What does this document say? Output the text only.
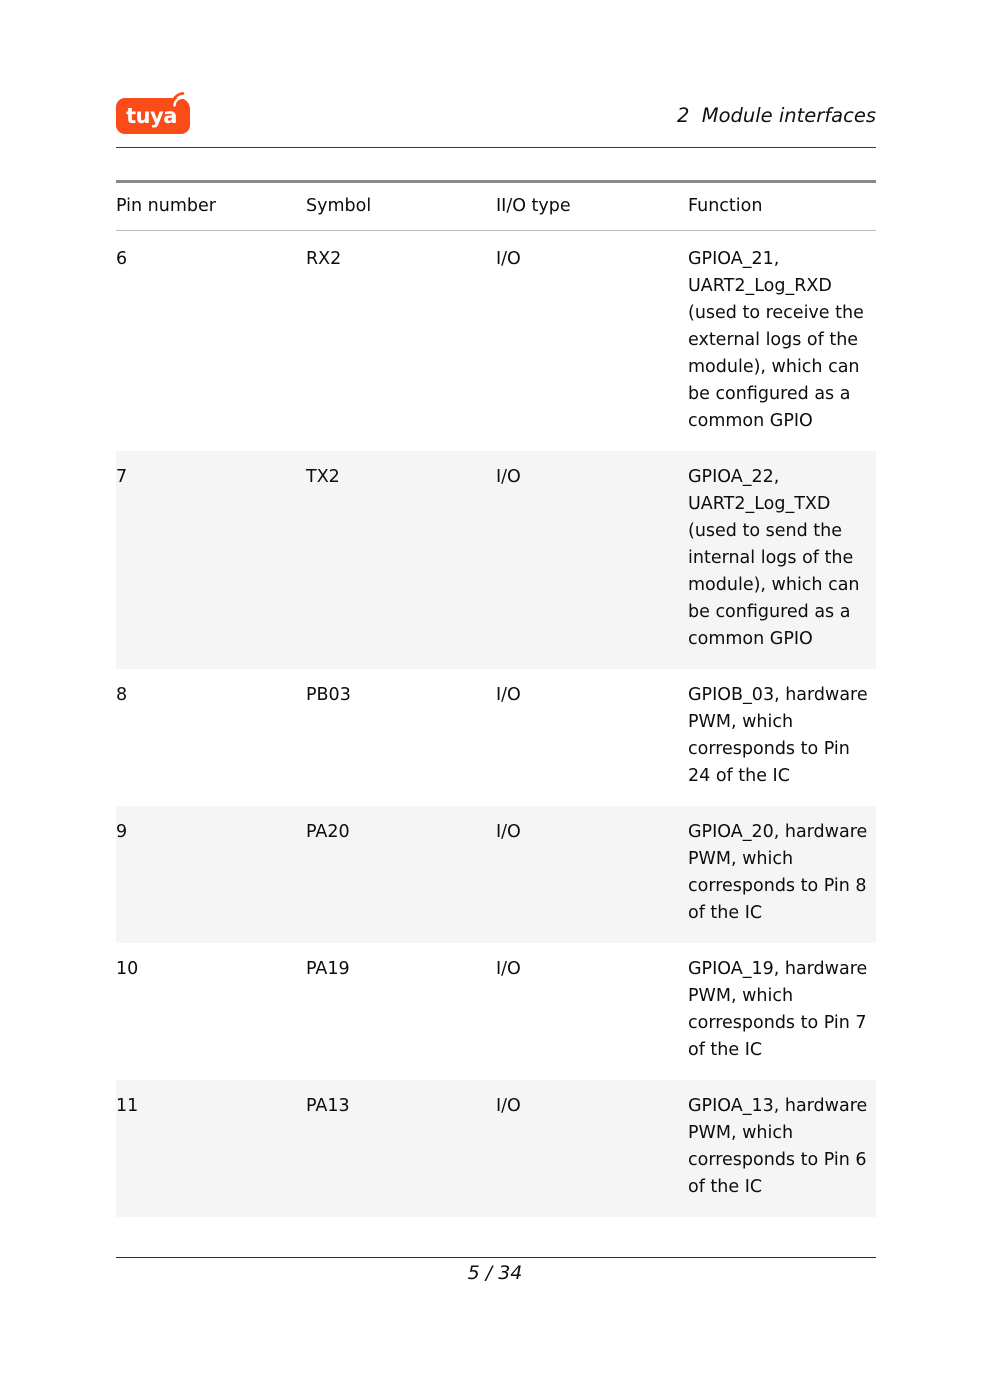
tuya	2  Module interfaces
Pin number	Symbol	II/O type	Function
6	RX2	I/O	GPIOA_21, UART2_Log_RXD (used to receive the external logs of the module), which can be configured as a common GPIO
7	TX2	I/O	GPIOA_22, UART2_Log_TXD (used to send the internal logs of the module), which can be configured as a common GPIO
8	PB03	I/O	GPIOB_03, hardware PWM, which corresponds to Pin 24 of the IC
9	PA20	I/O	GPIOA_20, hardware PWM, which corresponds to Pin 8 of the IC
10	PA19	I/O	GPIOA_19, hardware PWM, which corresponds to Pin 7 of the IC
11	PA13	I/O	GPIOA_13, hardware PWM, which corresponds to Pin 6 of the IC
5 / 34
